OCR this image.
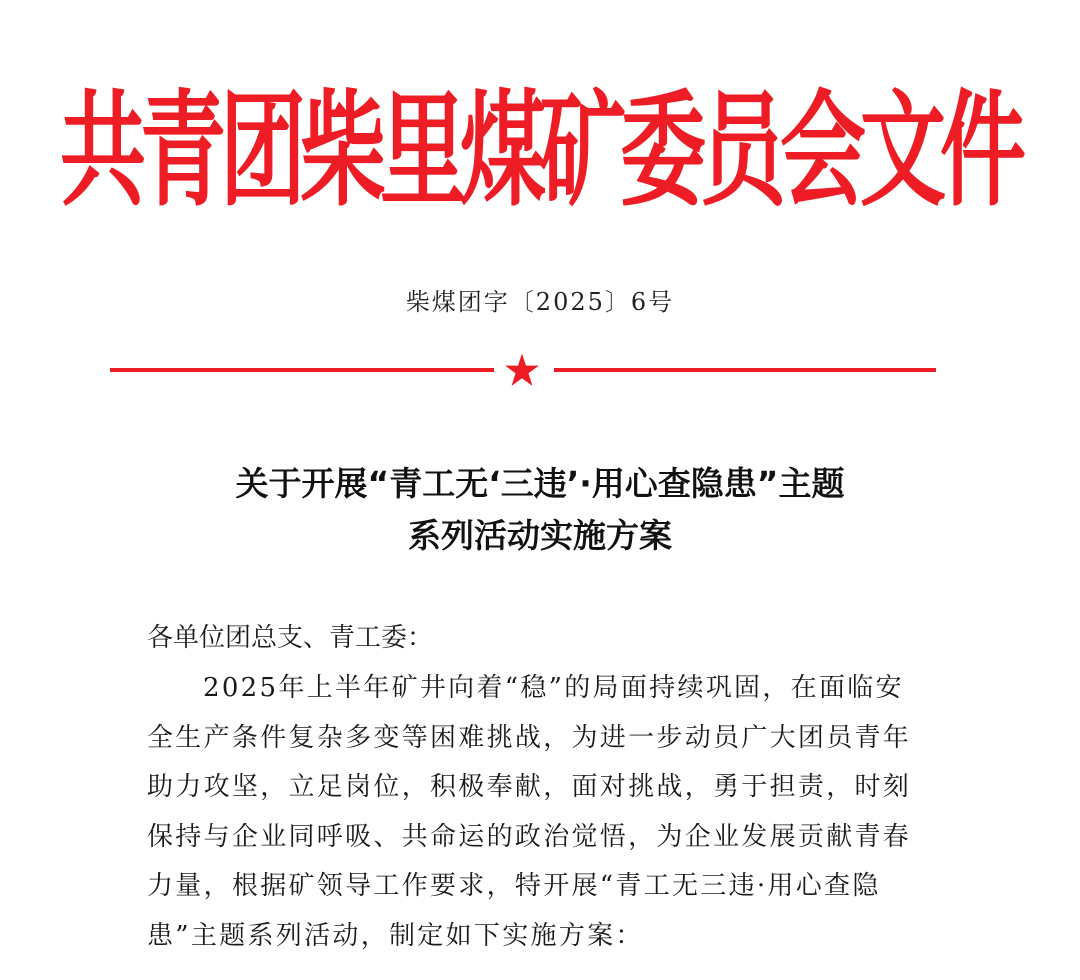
共青团柴里煤矿委员会文件
柴煤团字〔2025〕6号
关于开展“青工无‘三违’·用心查隐患”主题
系列活动实施方案
各单位团总支、青工委：
2025年上半年矿井向着“稳”的局面持续巩固，在面临安
全生产条件复杂多变等困难挑战，为进一步动员广大团员青年
助力攻坚，立足岗位，积极奉献，面对挑战，勇于担责，时刻
保持与企业同呼吸、共命运的政治觉悟，为企业发展贡献青春
力量，根据矿领导工作要求，特开展“青工无三违·用心查隐
患”主题系列活动，制定如下实施方案：
